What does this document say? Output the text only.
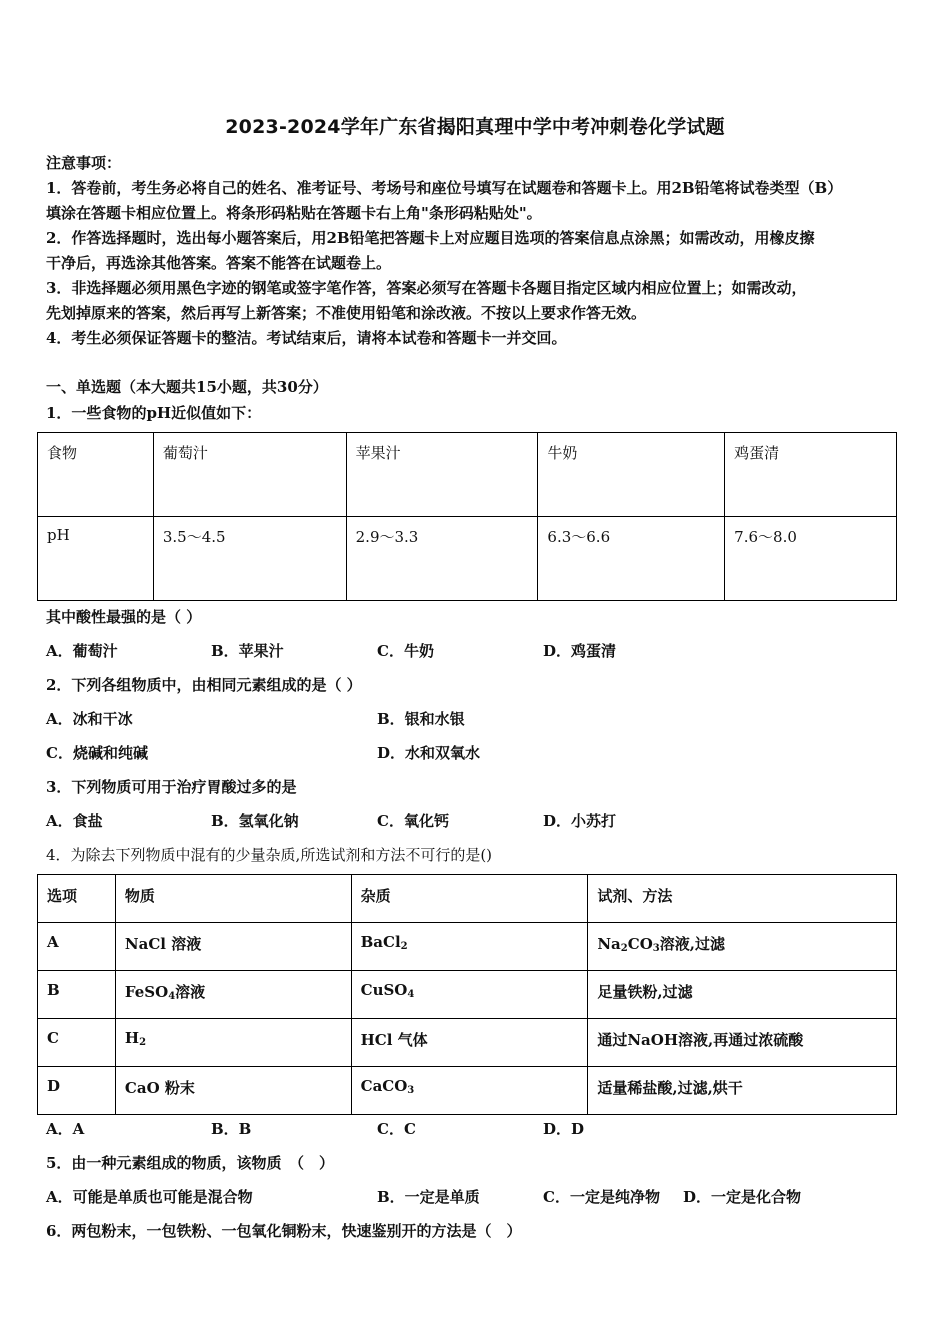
2023-2024学年广东省揭阳真理中学中考冲刺卷化学试题
注意事项：
1．答卷前，考生务必将自己的姓名、准考证号、考场号和座位号填写在试题卷和答题卡上。用2B铅笔将试卷类型（B）
填涂在答题卡相应位置上。将条形码粘贴在答题卡右上角"条形码粘贴处"。
2．作答选择题时，选出每小题答案后，用2B铅笔把答题卡上对应题目选项的答案信息点涂黑；如需改动，用橡皮擦
干净后，再选涂其他答案。答案不能答在试题卷上。
3．非选择题必须用黑色字迹的钢笔或签字笔作答，答案必须写在答题卡各题目指定区域内相应位置上；如需改动，
先划掉原来的答案，然后再写上新答案；不准使用铅笔和涂改液。不按以上要求作答无效。
4．考生必须保证答题卡的整洁。考试结束后，请将本试卷和答题卡一并交回。
一、单选题（本大题共15小题，共30分）
1．一些食物的pH近似值如下：
食物	葡萄汁	苹果汁	牛奶	鸡蛋清
pH	3.5～4.5	2.9～3.3	6.3～6.6	7.6～8.0
其中酸性最强的是（ ）
A．葡萄汁	B．苹果汁	C．牛奶	D．鸡蛋清
2．下列各组物质中，由相同元素组成的是（ ）
A．冰和干冰	B．银和水银
C．烧碱和纯碱	D．水和双氧水
3．下列物质可用于治疗胃酸过多的是
A．食盐	B．氢氧化钠	C．氧化钙	D．小苏打
4．为除去下列物质中混有的少量杂质,所选试剂和方法不可行的是()
选项	物质	杂质	试剂、方法
A	NaCl 溶液	BaCl$_2$	$Na_2CO_3$溶液,过滤
B	FeSO$_4$溶液	CuSO$_4$	足量铁粉,过滤
C	$H_2$	HCl 气体	通过NaOH溶液,再通过浓硫酸
D	CaO 粉末	CaCO$_3$	适量稀盐酸,过滤,烘干
A．A	B．B	C．C	D．D
5．由一种元素组成的物质，该物质　（　）
A．可能是单质也可能是混合物	B．一定是单质	C．一定是纯净物 D．一定是化合物
6．两包粉末，一包铁粉、一包氧化铜粉末，快速鉴别开的方法是（　）
